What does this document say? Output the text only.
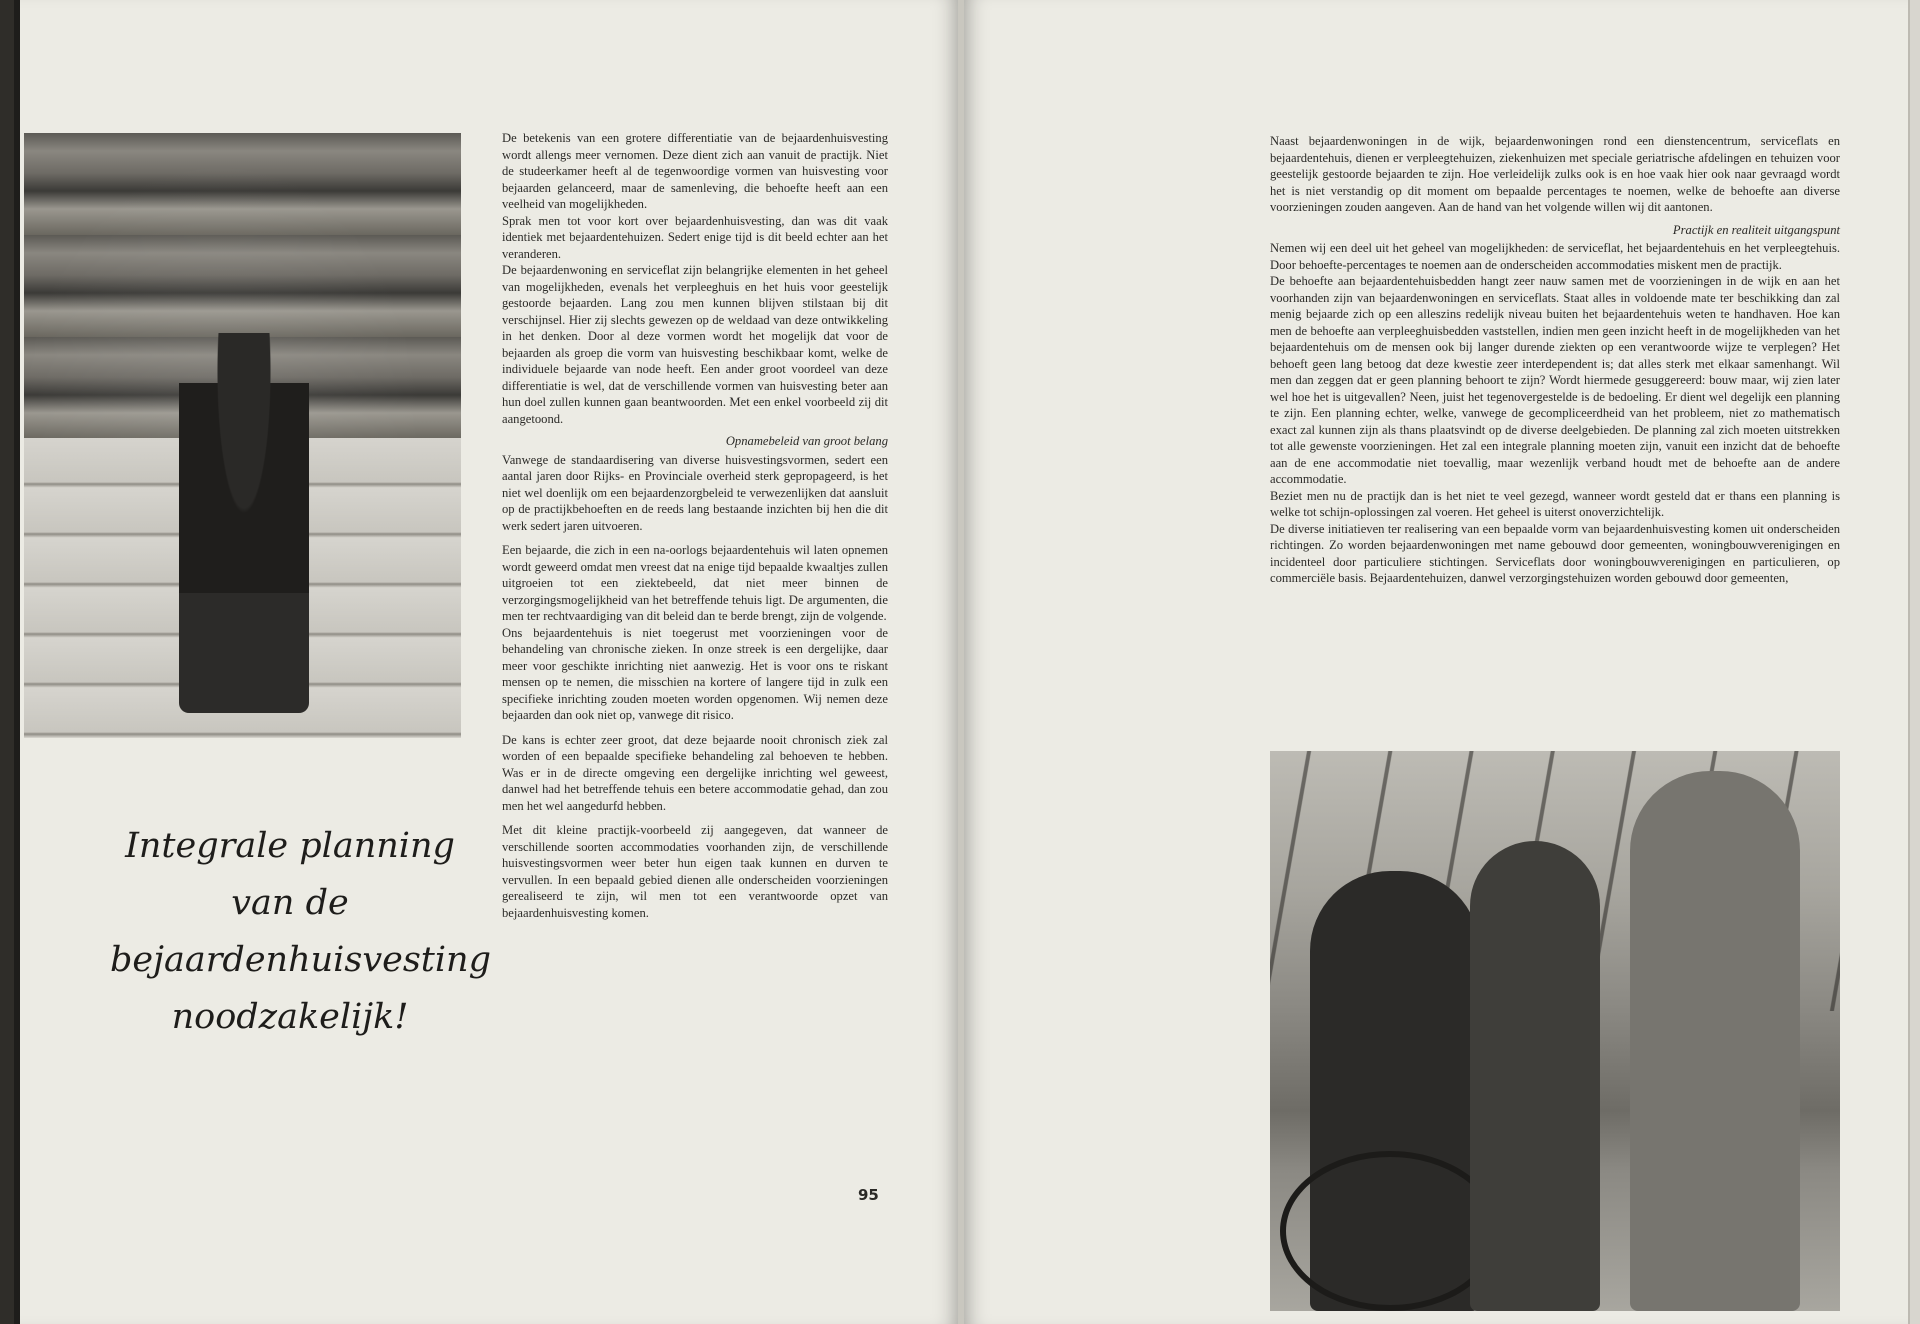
Integrale planning
van de
bejaardenhuisvesting
noodzakelijk!

De betekenis van een grotere differentiatie van de bejaardenhuisvesting wordt allengs meer vernomen. Deze dient zich aan vanuit de practijk. Niet de studeerkamer heeft al de tegenwoordige vormen van huisvesting voor bejaarden gelanceerd, maar de samenleving, die behoefte heeft aan een veelheid van mogelijkheden.

Sprak men tot voor kort over bejaardenhuisvesting, dan was dit vaak identiek met bejaardentehuizen. Sedert enige tijd is dit beeld echter aan het veranderen.

De bejaardenwoning en serviceflat zijn belangrijke elementen in het geheel van mogelijkheden, evenals het verpleeghuis en het huis voor geestelijk gestoorde bejaarden. Lang zou men kunnen blijven stilstaan bij dit verschijnsel. Hier zij slechts gewezen op de weldaad van deze ontwikkeling in het denken. Door al deze vormen wordt het mogelijk dat voor de bejaarden als groep die vorm van huisvesting beschikbaar komt, welke de individuele bejaarde van node heeft. Een ander groot voordeel van deze differentiatie is wel, dat de verschillende vormen van huisvesting beter aan hun doel zullen kunnen gaan beantwoorden. Met een enkel voorbeeld zij dit aangetoond.

Opnamebeleid van groot belang

Vanwege de standaardisering van diverse huisvestingsvormen, sedert een aantal jaren door Rijks- en Provinciale overheid sterk gepropageerd, is het niet wel doenlijk om een bejaardenzorgbeleid te verwezenlijken dat aansluit op de practijkbehoeften en de reeds lang bestaande inzichten bij hen die dit werk sedert jaren uitvoeren.

Een bejaarde, die zich in een na-oorlogs bejaardentehuis wil laten opnemen wordt geweerd omdat men vreest dat na enige tijd bepaalde kwaaltjes zullen uitgroeien tot een ziektebeeld, dat niet meer binnen de verzorgingsmogelijkheid van het betreffende tehuis ligt. De argumenten, die men ter rechtvaardiging van dit beleid dan te berde brengt, zijn de volgende.

Ons bejaardentehuis is niet toegerust met voorzieningen voor de behandeling van chronische zieken. In onze streek is een dergelijke, daar meer voor geschikte inrichting niet aanwezig. Het is voor ons te riskant mensen op te nemen, die misschien na kortere of langere tijd in zulk een specifieke inrichting zouden moeten worden opgenomen. Wij nemen deze bejaarden dan ook niet op, vanwege dit risico.

De kans is echter zeer groot, dat deze bejaarde nooit chronisch ziek zal worden of een bepaalde specifieke behandeling zal behoeven te hebben. Was er in de directe omgeving een dergelijke inrichting wel geweest, danwel had het betreffende tehuis een betere accommodatie gehad, dan zou men het wel aangedurfd hebben.

Met dit kleine practijk-voorbeeld zij aangegeven, dat wanneer de verschillende soorten accommodaties voorhanden zijn, de verschillende huisvestingsvormen weer beter hun eigen taak kunnen en durven te vervullen. In een bepaald gebied dienen alle onderscheiden voorzieningen gerealiseerd te zijn, wil men tot een verantwoorde opzet van bejaardenhuisvesting komen.

95

Naast bejaardenwoningen in de wijk, bejaardenwoningen rond een dienstencentrum, serviceflats en bejaardentehuis, dienen er verpleegtehuizen, ziekenhuizen met speciale geriatrische afdelingen en tehuizen voor geestelijk gestoorde bejaarden te zijn. Hoe verleidelijk zulks ook is en hoe vaak hier ook naar gevraagd wordt het is niet verstandig op dit moment om bepaalde percentages te noemen, welke de behoefte aan diverse voorzieningen zouden aangeven. Aan de hand van het volgende willen wij dit aantonen.

Practijk en realiteit uitgangspunt

Nemen wij een deel uit het geheel van mogelijkheden: de serviceflat, het bejaardentehuis en het verpleegtehuis. Door behoefte-percentages te noemen aan de onderscheiden accommodaties miskent men de practijk.

De behoefte aan bejaardentehuisbedden hangt zeer nauw samen met de voorzieningen in de wijk en aan het voorhanden zijn van bejaardenwoningen en serviceflats. Staat alles in voldoende mate ter beschikking dan zal menig bejaarde zich op een alleszins redelijk niveau buiten het bejaardentehuis weten te handhaven. Hoe kan men de behoefte aan verpleeghuisbedden vaststellen, indien men geen inzicht heeft in de mogelijkheden van het bejaardentehuis om de mensen ook bij langer durende ziekten op een verantwoorde wijze te verplegen? Het behoeft geen lang betoog dat deze kwestie zeer interdependent is; dat alles sterk met elkaar samenhangt. Wil men dan zeggen dat er geen planning behoort te zijn? Wordt hiermede gesuggereerd: bouw maar, wij zien later wel hoe het is uitgevallen? Neen, juist het tegenovergestelde is de bedoeling. Er dient wel degelijk een planning te zijn. Een planning echter, welke, vanwege de gecompliceerdheid van het probleem, niet zo mathematisch exact zal kunnen zijn als thans plaatsvindt op de diverse deelgebieden. De planning zal zich moeten uitstrekken tot alle gewenste voorzieningen. Het zal een integrale planning moeten zijn, vanuit een inzicht dat de behoefte aan de ene accommodatie niet toevallig, maar wezenlijk verband houdt met de behoefte aan de andere accommodatie.

Beziet men nu de practijk dan is het niet te veel gezegd, wanneer wordt gesteld dat er thans een planning is welke tot schijn-oplossingen zal voeren. Het geheel is uiterst onoverzichtelijk.

De diverse initiatieven ter realisering van een bepaalde vorm van bejaardenhuisvesting komen uit onderscheiden richtingen. Zo worden bejaardenwoningen met name gebouwd door gemeenten, woningbouwverenigingen en incidenteel door particuliere stichtingen. Serviceflats door woningbouwverenigingen en particulieren, op commerciële basis. Bejaardentehuizen, danwel verzorgingstehuizen worden gebouwd door gemeenten,
